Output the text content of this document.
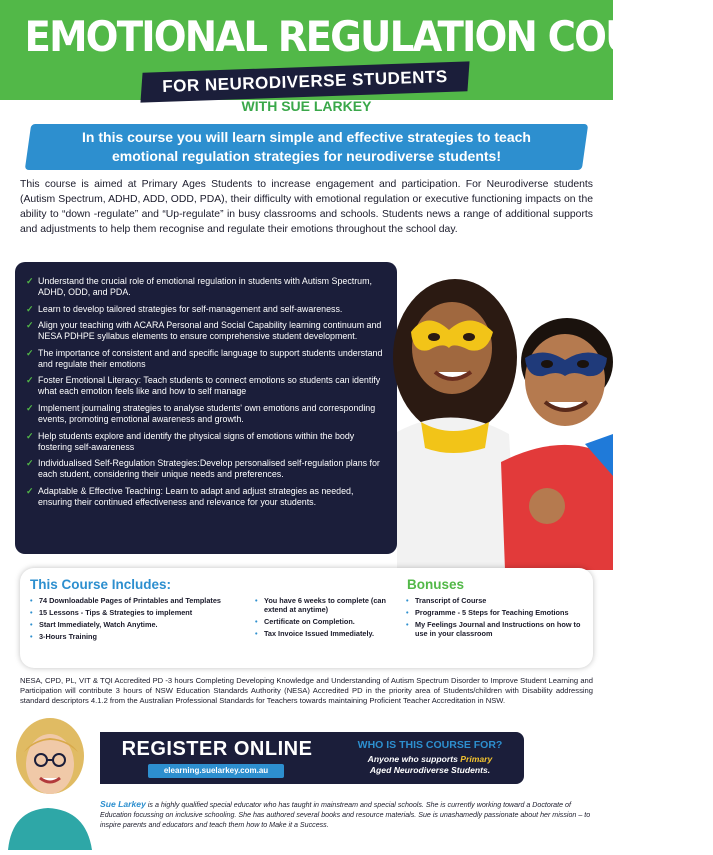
EMOTIONAL REGULATION COURSE
FOR NEURODIVERSE STUDENTS
WITH SUE LARKEY
In this course you will learn simple and effective strategies to teach
emotional regulation strategies for neurodiverse students!

This course is aimed at Primary Ages Students to increase engagement and participation. For Neurodiverse students (Autism Spectrum, ADHD, ADD, ODD, PDA), their difficulty with emotional regulation or executive functioning impacts on the ability to “down -regulate” and “Up-regulate” in busy classrooms and schools. Students news a range of additional supports and adjustments to help them recognise and regulate their emotions throughout the school day.

✓ Understand the crucial role of emotional regulation in students with Autism Spectrum, ADHD, ODD, and PDA.
✓ Learn to develop tailored strategies for self-management and self-awareness.
✓ Align your teaching with ACARA Personal and Social Capability learning continuum and NESA PDHPE syllabus elements to ensure comprehensive student development.
✓ The importance of consistent and and specific language to support students understand and regulate their emotions
✓ Foster Emotional Literacy: Teach students to connect emotions so students can identify what each emotion feels like and how to self manage
✓ Implement journaling strategies to analyse students' own emotions and corresponding events, promoting emotional awareness and growth.
✓ Help students explore and identify the physical signs of emotions within the body fostering self-awareness
✓ Individualised Self-Regulation Strategies:Develop personalised self-regulation plans for each student, considering their unique needs and preferences.
✓ Adaptable & Effective Teaching: Learn to adapt and adjust strategies as needed, ensuring their continued effectiveness and relevance for your students.
This Course Includes:	Bonuses
• 74 Downloadable Pages of Printables and Templates
• 15 Lessons - Tips & Strategies to implement
• Start Immediately, Watch Anytime.
• 3-Hours Training
• You have 6 weeks to complete (can extend at anytime)
• Certificate on Completion.
• Tax Invoice Issued Immediately.
• Transcript of Course
• Programme - 5 Steps for Teaching Emotions
• My Feelings Journal and Instructions on how to use in your classroom

NESA, CPD, PL, VIT & TQI Accredited PD -3 hours Completing Developing Knowledge and Understanding of Autism Spectrum Disorder to Improve Student Learning and Participation will contribute 3 hours of NSW Education Standards Authority (NESA) Accredited PD in the priority area of Students/children with Disability addressing standard descriptors 4.1.2 from the Australian Professional Standards for Teachers towards maintaining Proficient Teacher Accreditation in NSW.

REGISTER ONLINE
elearning.suelarkey.com.au
WHO IS THIS COURSE FOR?
Anyone who supports Primary
Aged Neurodiverse Students.

Sue Larkey is a highly qualified special educator who has taught in mainstream and special schools. She is currently working toward a Doctorate of Education focussing on inclusive schooling. She has authored several books and resource materials. Sue is unashamedly passionate about her mission – to inspire parents and educators and teach them how to Make it a Success.
